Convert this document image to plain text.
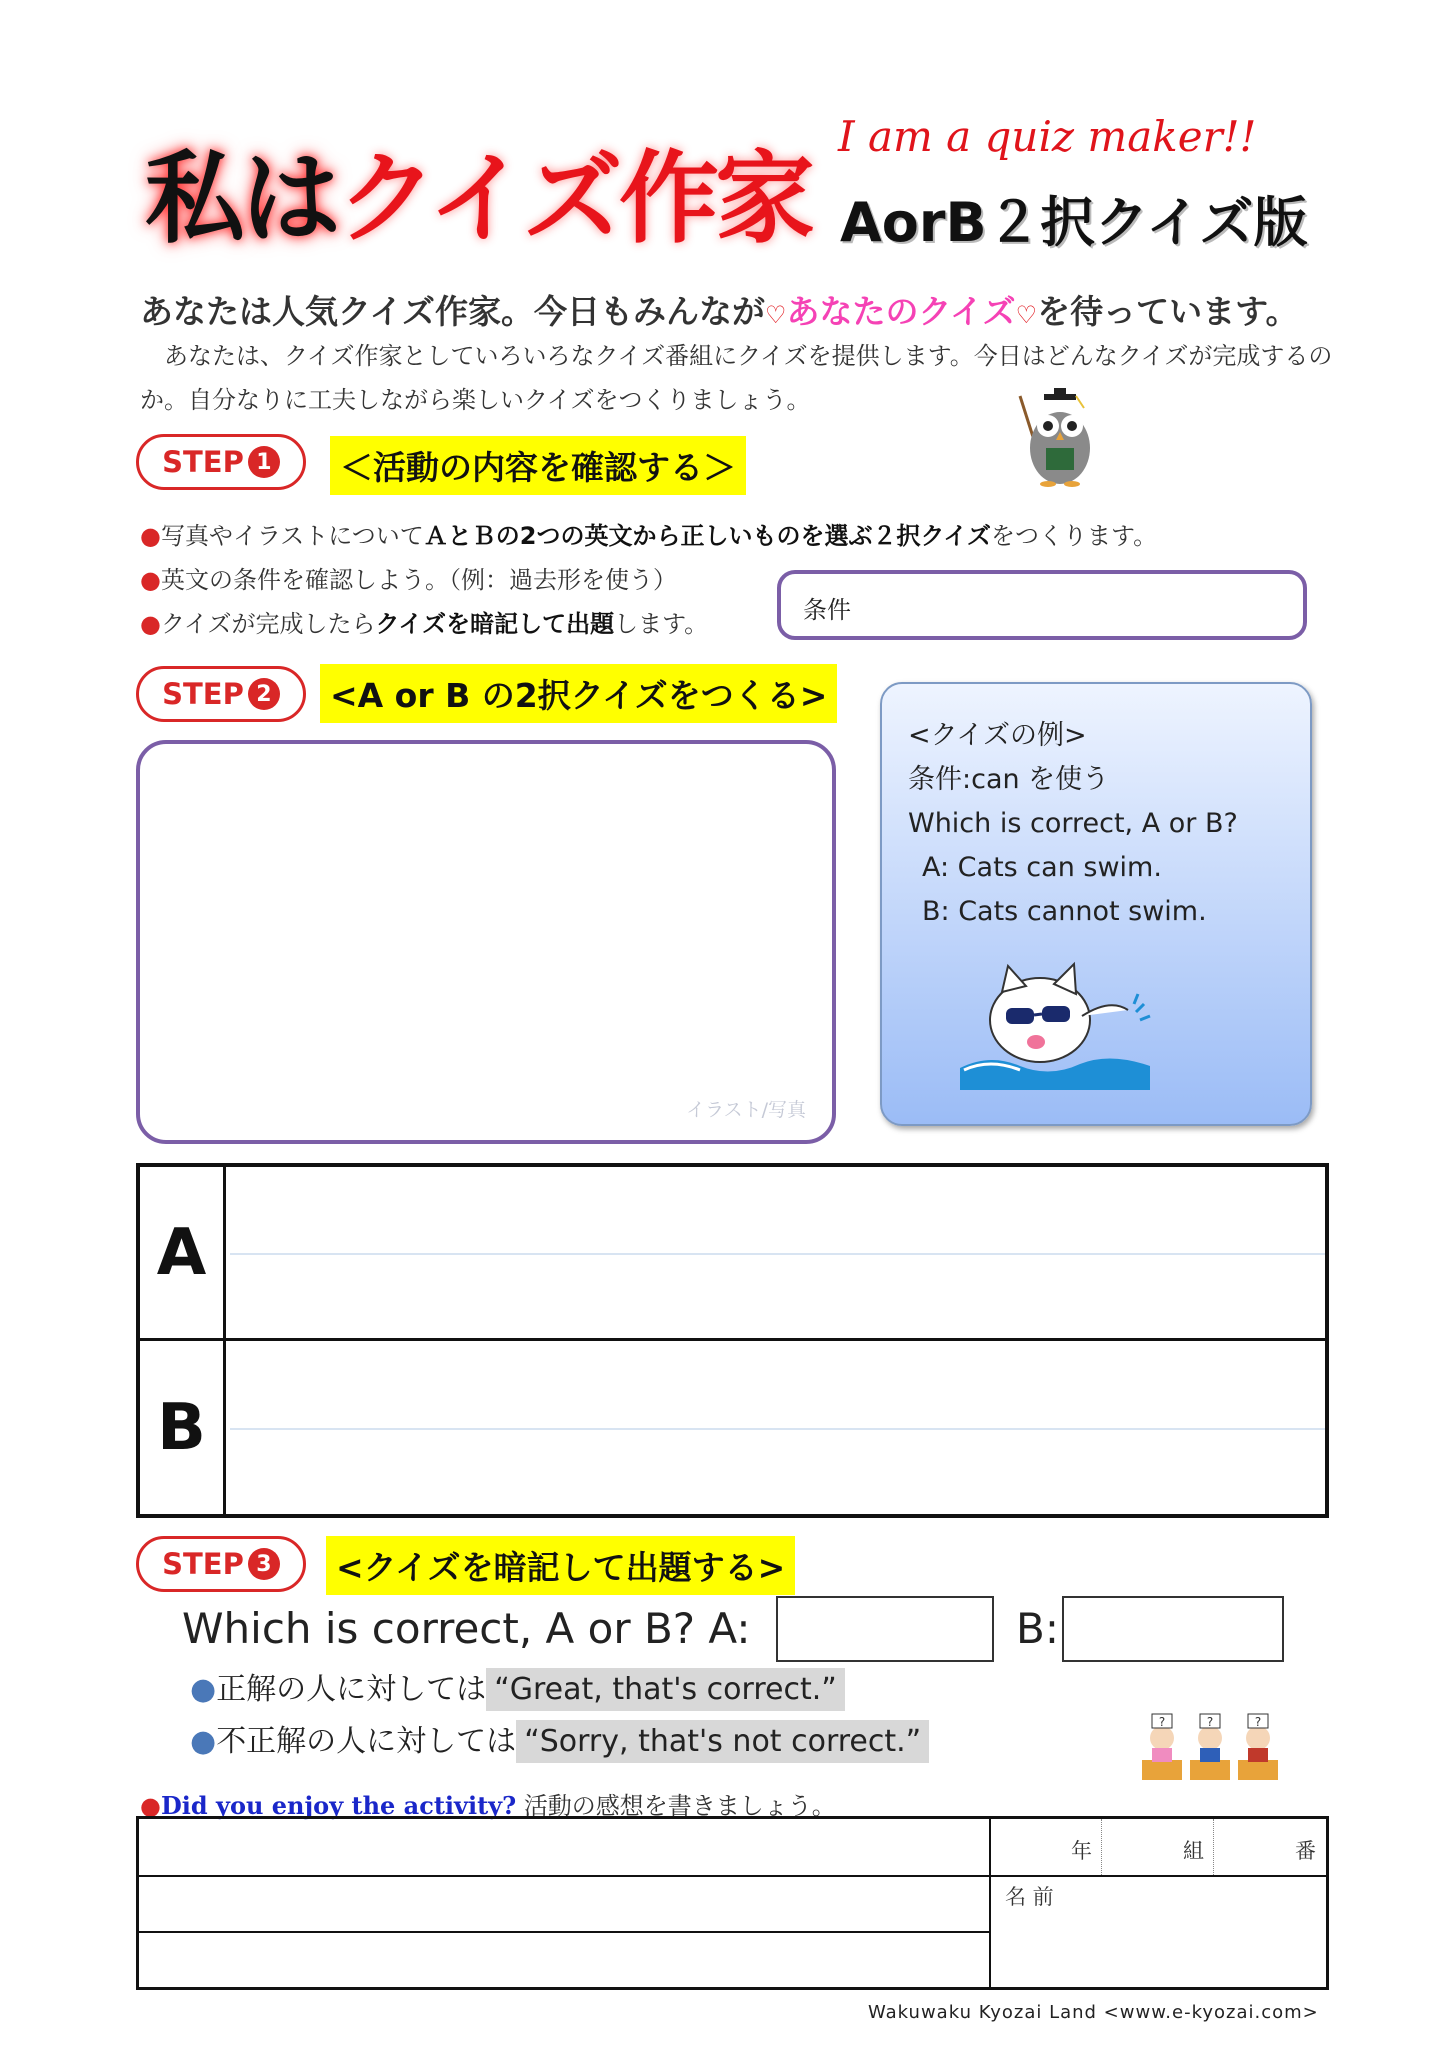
私はクイズ作家
I am a quiz maker!!
AorB２択クイズ版
あなたは人気クイズ作家。今日もみんなが♡あなたのクイズ♡を待っています。
あなたは、クイズ作家としていろいろなクイズ番組にクイズを提供します。今日はどんなクイズが完成するのか。自分なりに工夫しながら楽しいクイズをつくりましょう。
STEP 1	＜活動の内容を確認する＞
●写真やイラストについてＡとＢの2つの英文から正しいものを選ぶ２択クイズをつくります。
●英文の条件を確認しよう。（例：過去形を使う）
●クイズが完成したらクイズを暗記して出題します。	条件
STEP 2	<A or B の2択クイズをつくる>
イラスト/写真
<クイズの例>
条件:can を使う
Which is correct, A or B?
A: Cats can swim.
B: Cats cannot swim.
A
B
STEP 3	<クイズを暗記して出題する>
Which is correct, A or B? A:	B:
●正解の人に対しては “Great, that's correct.”
●不正解の人に対しては “Sorry, that's not correct.”
?	?	?
●Did you enjoy the activity? 活動の感想を書きましょう。
年	組	番
名 前
Wakuwaku Kyozai Land <www.e-kyozai.com>
